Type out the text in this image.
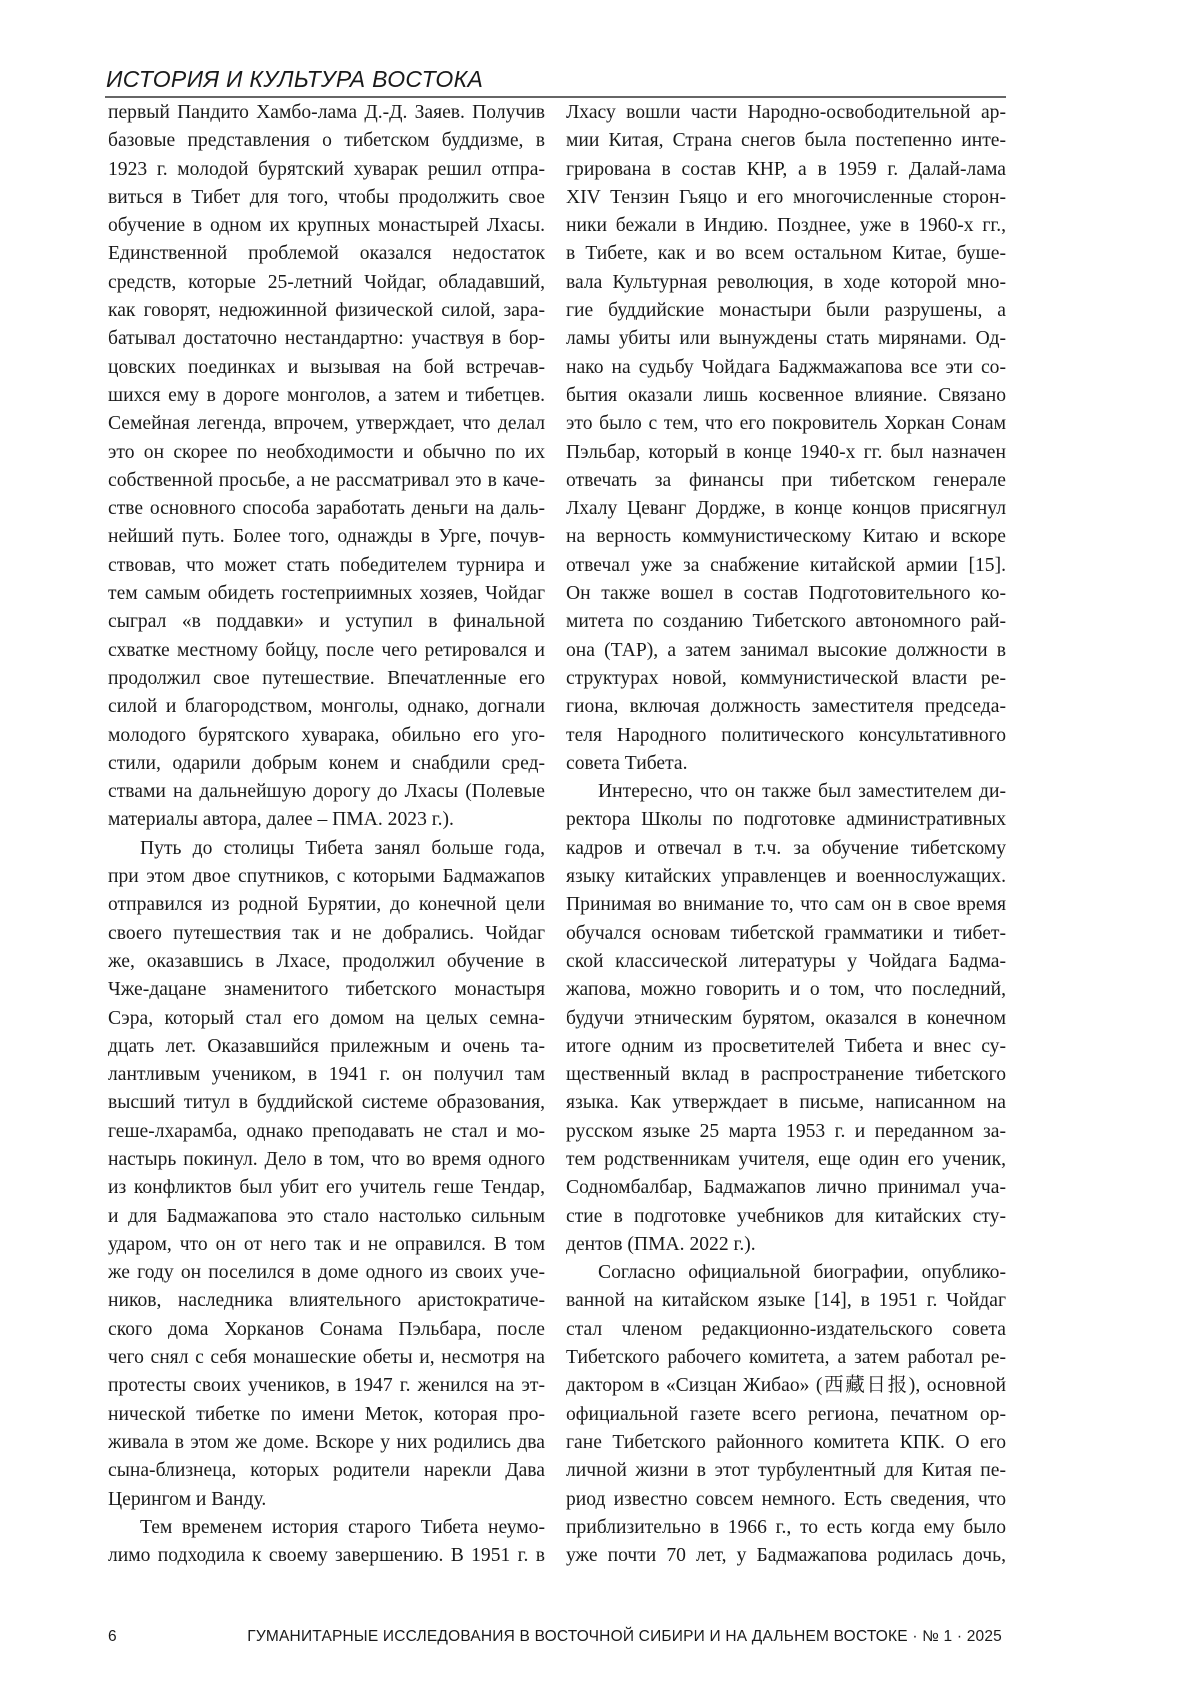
ИСТОРИЯ И КУЛЬТУРА ВОСТОКА
первый Пандито Хамбо-лама Д.-Д. Заяев. Получив
базовые представления о тибетском буддизме, в
1923 г. молодой бурятский хуварак решил отпра-
виться в Тибет для того, чтобы продолжить свое
обучение в одном их крупных монастырей Лхасы.
Единственной проблемой оказался недостаток
средств, которые 25-летний Чойдаг, обладавший,
как говорят, недюжинной физической силой, зара-
батывал достаточно нестандартно: участвуя в бор-
цовских поединках и вызывая на бой встречав-
шихся ему в дороге монголов, а затем и тибетцев.
Семейная легенда, впрочем, утверждает, что делал
это он скорее по необходимости и обычно по их
собственной просьбе, а не рассматривал это в каче-
стве основного способа заработать деньги на даль-
нейший путь. Более того, однажды в Урге, почув-
ствовав, что может стать победителем турнира и
тем самым обидеть гостеприимных хозяев, Чойдаг
сыграл «в поддавки» и уступил в финальной
схватке местному бойцу, после чего ретировался и
продолжил свое путешествие. Впечатленные его
силой и благородством, монголы, однако, догнали
молодого бурятского хуварака, обильно его уго-
стили, одарили добрым конем и снабдили сред-
ствами на дальнейшую дорогу до Лхасы (Полевые
материалы автора, далее – ПМА. 2023 г.).
Путь до столицы Тибета занял больше года,
при этом двое спутников, с которыми Бадмажапов
отправился из родной Бурятии, до конечной цели
своего путешествия так и не добрались. Чойдаг
же, оказавшись в Лхасе, продолжил обучение в
Чже-дацане знаменитого тибетского монастыря
Сэра, который стал его домом на целых семна-
дцать лет. Оказавшийся прилежным и очень та-
лантливым учеником, в 1941 г. он получил там
высший титул в буддийской системе образования,
геше-лхарамба, однако преподавать не стал и мо-
настырь покинул. Дело в том, что во время одного
из конфликтов был убит его учитель геше Тендар,
и для Бадмажапова это стало настолько сильным
ударом, что он от него так и не оправился. В том
же году он поселился в доме одного из своих уче-
ников, наследника влиятельного аристократиче-
ского дома Хорканов Сонама Пэльбара, после
чего снял с себя монашеские обеты и, несмотря на
протесты своих учеников, в 1947 г. женился на эт-
нической тибетке по имени Меток, которая про-
живала в этом же доме. Вскоре у них родились два
сына-близнеца, которых родители нарекли Дава
Церингом и Ванду.
Тем временем история старого Тибета неумо-
лимо подходила к своему завершению. В 1951 г. в
Лхасу вошли части Народно-освободительной ар-
мии Китая, Страна снегов была постепенно инте-
грирована в состав КНР, а в 1959 г. Далай-лама
XIV Тензин Гьяцо и его многочисленные сторон-
ники бежали в Индию. Позднее, уже в 1960-х гг.,
в Тибете, как и во всем остальном Китае, буше-
вала Культурная революция, в ходе которой мно-
гие буддийские монастыри были разрушены, а
ламы убиты или вынуждены стать мирянами. Од-
нако на судьбу Чойдага Баджмажапова все эти со-
бытия оказали лишь косвенное влияние. Связано
это было с тем, что его покровитель Хоркан Сонам
Пэльбар, который в конце 1940-х гг. был назначен
отвечать за финансы при тибетском генерале
Лхалу Цеванг Дордже, в конце концов присягнул
на верность коммунистическому Китаю и вскоре
отвечал уже за снабжение китайской армии [15].
Он также вошел в состав Подготовительного ко-
митета по созданию Тибетского автономного рай-
она (ТАР), а затем занимал высокие должности в
структурах новой, коммунистической власти ре-
гиона, включая должность заместителя председа-
теля Народного политического консультативного
совета Тибета.
Интересно, что он также был заместителем ди-
ректора Школы по подготовке административных
кадров и отвечал в т.ч. за обучение тибетскому
языку китайских управленцев и военнослужащих.
Принимая во внимание то, что сам он в свое время
обучался основам тибетской грамматики и тибет-
ской классической литературы у Чойдага Бадма-
жапова, можно говорить и о том, что последний,
будучи этническим бурятом, оказался в конечном
итоге одним из просветителей Тибета и внес су-
щественный вклад в распространение тибетского
языка. Как утверждает в письме, написанном на
русском языке 25 марта 1953 г. и переданном за-
тем родственникам учителя, еще один его ученик,
Содномбалбар, Бадмажапов лично принимал уча-
стие в подготовке учебников для китайских сту-
дентов (ПМА. 2022 г.).
Согласно официальной биографии, опублико-
ванной на китайском языке [14], в 1951 г. Чойдаг
стал членом редакционно-издательского совета
Тибетского рабочего комитета, а затем работал ре-
дактором в «Сизцан Жибао» (西藏日报), основной
официальной газете всего региона, печатном ор-
гане Тибетского районного комитета КПК. О его
личной жизни в этот турбулентный для Китая пе-
риод известно совсем немного. Есть сведения, что
приблизительно в 1966 г., то есть когда ему было
уже почти 70 лет, у Бадмажапова родилась дочь,
6	ГУМАНИТАРНЫЕ ИССЛЕДОВАНИЯ В ВОСТОЧНОЙ СИБИРИ И НА ДАЛЬНЕМ ВОСТОКЕ · № 1 · 2025
